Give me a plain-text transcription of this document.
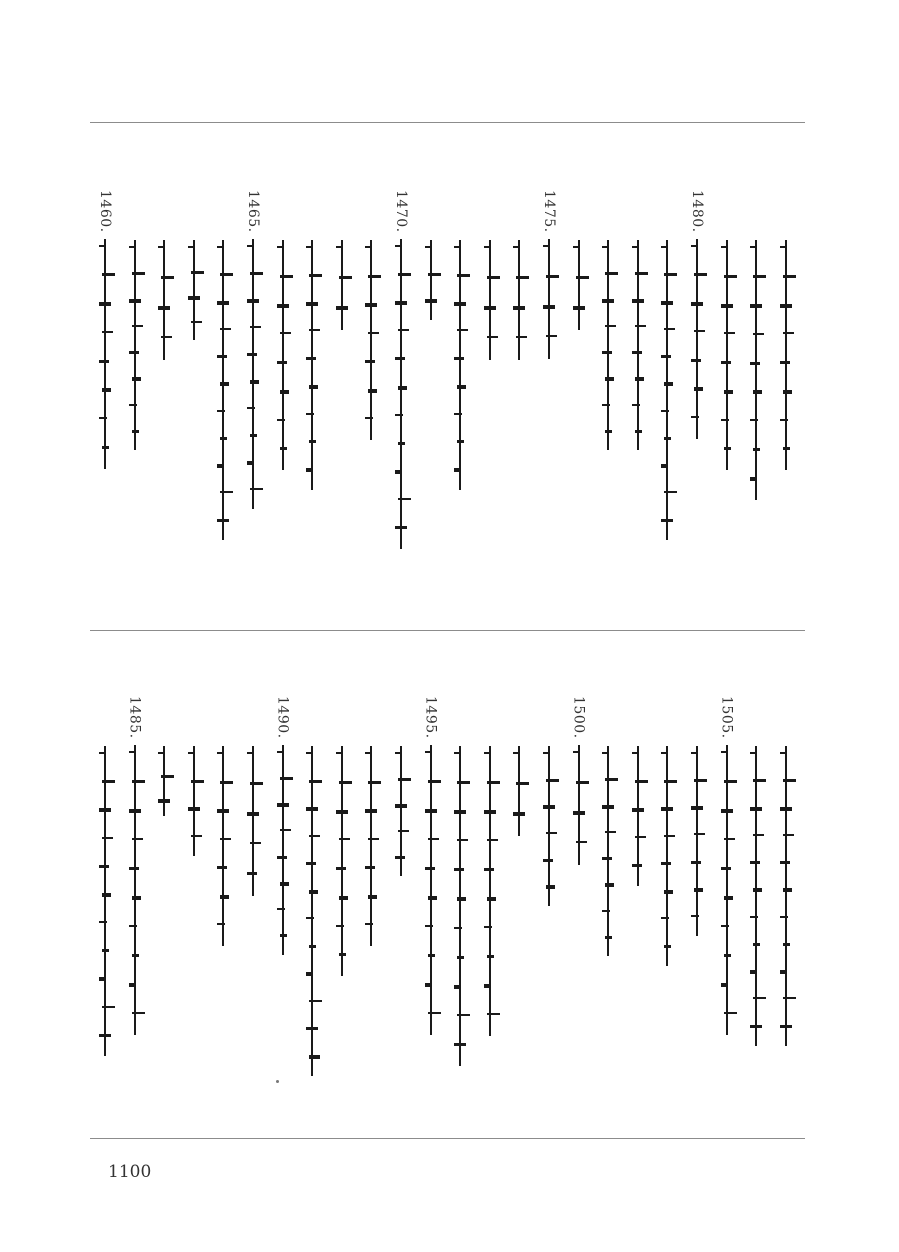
1460.	1465.	1470.	1475.	1480.
1485.	1490.	1495.	1500.	1505.
1100
